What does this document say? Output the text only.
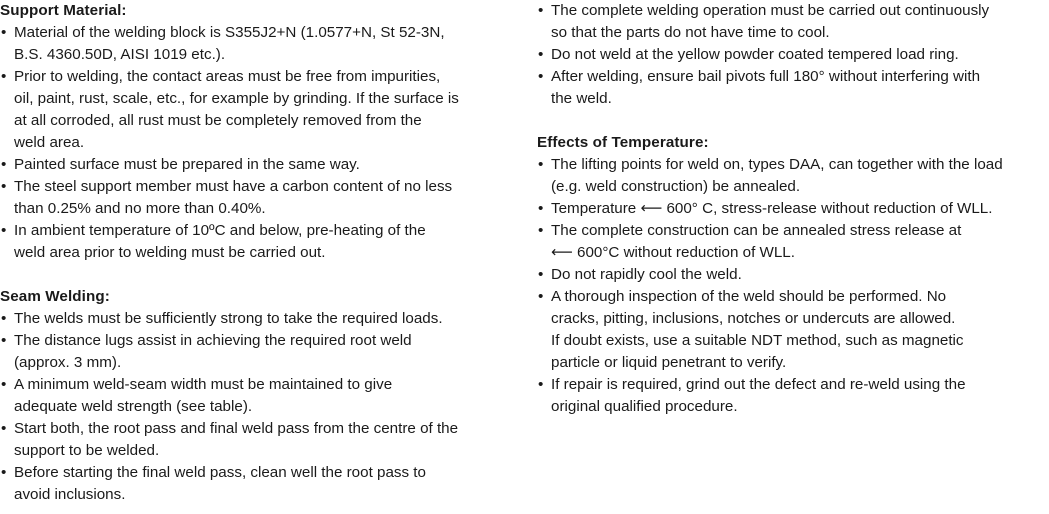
Support Material:
• Material of the welding block is S355J2+N (1.0577+N, St 52-3N,
B.S. 4360.50D, AISI 1019 etc.).
• Prior to welding, the contact areas must be free from impurities,
oil, paint, rust, scale, etc., for example by grinding. If the surface is
at all corroded, all rust must be completely removed from the
weld area.
• Painted surface must be prepared in the same way.
• The steel support member must have a carbon content of no less
than 0.25% and no more than 0.40%.
• In ambient temperature of 10ºC and below, pre-heating of the
weld area prior to welding must be carried out.
Seam Welding:
• The welds must be sufficiently strong to take the required loads.
• The distance lugs assist in achieving the required root weld
(approx. 3 mm).
• A minimum weld-seam width must be maintained to give
adequate weld strength (see table).
• Start both, the root pass and final weld pass from the centre of the
support to be welded.
• Before starting the final weld pass, clean well the root pass to
avoid inclusions.
• The complete welding operation must be carried out continuously
so that the parts do not have time to cool.
• Do not weld at the yellow powder coated tempered load ring.
• After welding, ensure bail pivots full 180° without interfering with
the weld.
Effects of Temperature:
• The lifting points for weld on, types DAA, can together with the load
(e.g. weld construction) be annealed.
• Temperature ⟵ 600° C, stress-release without reduction of WLL.
• The complete construction can be annealed stress release at
⟵ 600°C without reduction of WLL.
• Do not rapidly cool the weld.
• A thorough inspection of the weld should be performed. No
cracks, pitting, inclusions, notches or undercuts are allowed.
If doubt exists, use a suitable NDT method, such as magnetic
particle or liquid penetrant to verify.
• If repair is required, grind out the defect and re-weld using the
original qualified procedure.
